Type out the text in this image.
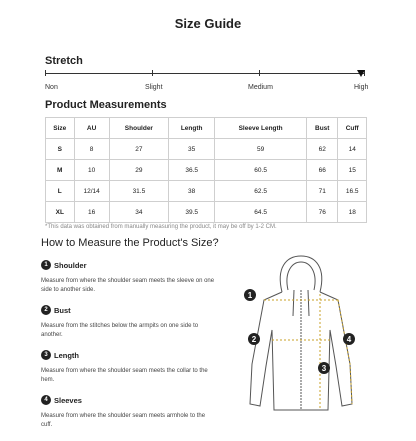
Size Guide
Stretch
Non	Slight	Medium	High
Product Measurements
Size	AU	Shoulder	Length	Sleeve Length	Bust	Cuff
S	8	27	35	59	62	14
M	10	29	36.5	60.5	66	15
L	12/14	31.5	38	62.5	71	16.5
XL	16	34	39.5	64.5	76	18
*This data was obtained from manually measuring the product, it may be off by 1-2 CM.
How to Measure the Product's Size?
1 Shoulder
Measure from where the shoulder seam meets the sleeve on one side to another side.
2 Bust
Measure from the stitches below the armpits on one side to another.
3 Length
Measure from where the shoulder seam meets the collar to the hem.
4 Sleeves
Measure from where the shoulder seam meets armhole to the cuff.
1
2
3
4
